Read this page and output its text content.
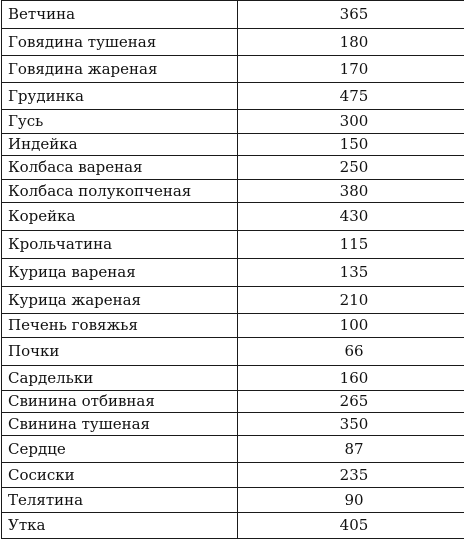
Ветчина	365
Говядина тушеная	180
Говядина жареная	170
Грудинка	475
Гусь	300
Индейка	150
Колбаса вареная	250
Колбаса полукопченая	380
Корейка	430
Крольчатина	115
Курица вареная	135
Курица жареная	210
Печень говяжья	100
Почки	66
Сардельки	160
Свинина отбивная	265
Свинина тушеная	350
Сердце	87
Сосиски	235
Телятина	90
Утка	405
